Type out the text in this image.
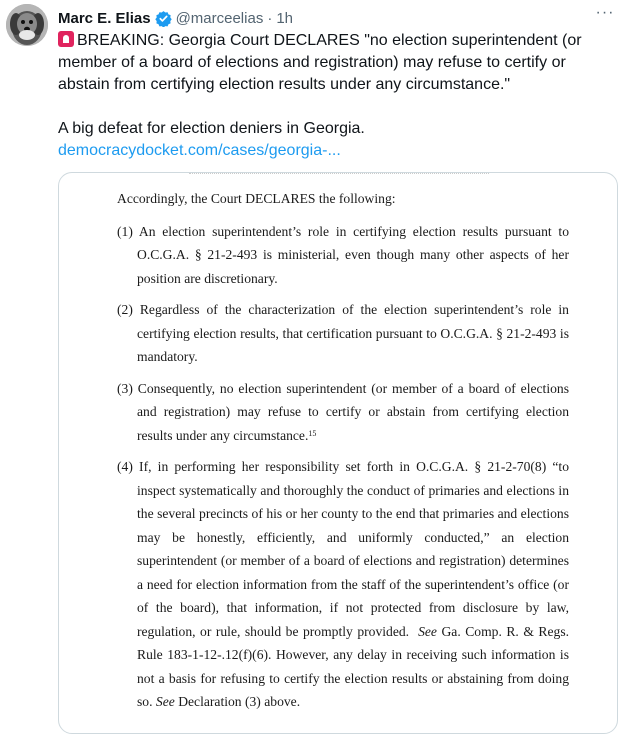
Marc E. Elias @marceelias · 1h	···

BREAKING: Georgia Court DECLARES "no election superintendent (or member of a board of elections and registration) may refuse to certify or abstain from certifying election results under any circumstance."

A big defeat for election deniers in Georgia.

democracydocket.com/cases/georgia-...

Accordingly, the Court DECLARES the following:

(1) An election superintendent’s role in certifying election results pursuant to O.C.G.A. § 21-2-493 is ministerial, even though many other aspects of her position are discretionary.

(2) Regardless of the characterization of the election superintendent’s role in certifying election results, that certification pursuant to O.C.G.A. § 21-2-493 is mandatory.

(3) Consequently, no election superintendent (or member of a board of elections and registration) may refuse to certify or abstain from certifying election results under any circumstance.$^{15}$

(4) If, in performing her responsibility set forth in O.C.G.A. § 21-2-70(8) “to inspect systematically and thoroughly the conduct of primaries and elections in the several precincts of his or her county to the end that primaries and elections may be honestly, efficiently, and uniformly conducted,” an election superintendent (or member of a board of elections and registration) determines a need for election information from the staff of the superintendent’s office (or of the board), that information, if not protected from disclosure by law, regulation, or rule, should be promptly provided. See Ga. Comp. R. & Regs. Rule 183-1-12-.12(f)(6). However, any delay in receiving such information is not a basis for refusing to certify the election results or abstaining from doing so. See Declaration (3) above.
